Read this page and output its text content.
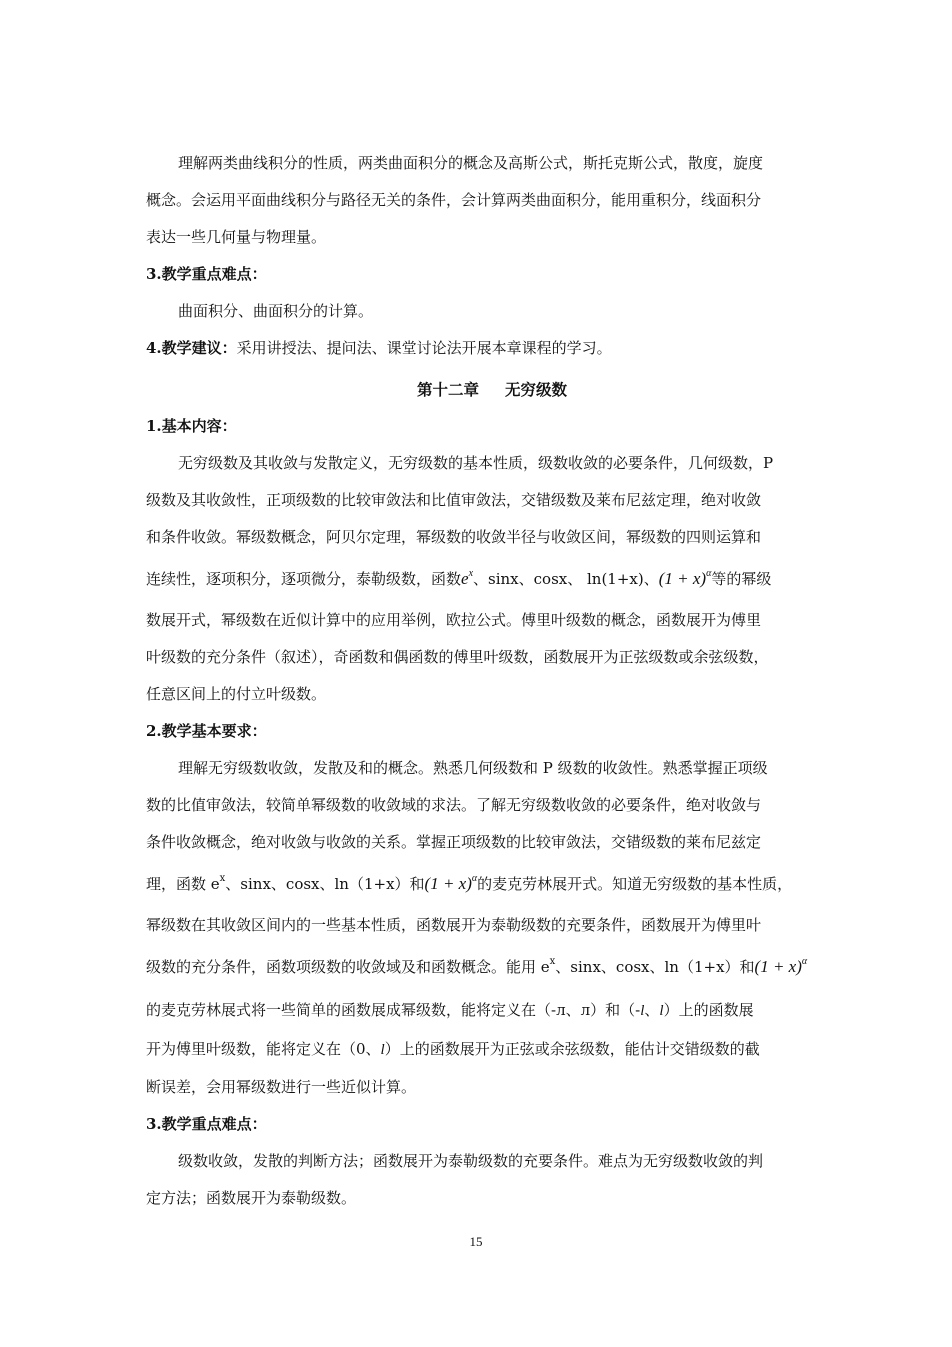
理解两类曲线积分的性质，两类曲面积分的概念及高斯公式，斯托克斯公式，散度，旋度

概念。会运用平面曲线积分与路径无关的条件，会计算两类曲面积分，能用重积分，线面积分

表达一些几何量与物理量。

3.教学重点难点：

曲面积分、曲面积分的计算。

4.教学建议：采用讲授法、提问法、课堂讨论法开展本章课程的学习。

第十二章 无穷级数

1.基本内容：

无穷级数及其收敛与发散定义，无穷级数的基本性质，级数收敛的必要条件，几何级数，P

级数及其收敛性，正项级数的比较审敛法和比值审敛法，交错级数及莱布尼兹定理，绝对收敛

和条件收敛。幂级数概念，阿贝尔定理，幂级数的收敛半径与收敛区间，幂级数的四则运算和

连续性，逐项积分，逐项微分，泰勒级数，函数$e^x$、sinx、cosx、 ln(1+x)、$(1 + x)^\alpha$等的幂级

数展开式，幂级数在近似计算中的应用举例，欧拉公式。傅里叶级数的概念，函数展开为傅里

叶级数的充分条件（叙述），奇函数和偶函数的傅里叶级数，函数展开为正弦级数或余弦级数，

任意区间上的付立叶级数。

2.教学基本要求：

理解无穷级数收敛，发散及和的概念。熟悉几何级数和 P 级数的收敛性。熟悉掌握正项级

数的比值审敛法，较简单幂级数的收敛域的求法。了解无穷级数收敛的必要条件，绝对收敛与

条件收敛概念，绝对收敛与收敛的关系。掌握正项级数的比较审敛法，交错级数的莱布尼兹定

理，函数 $e^x$、sinx、cosx、ln（1+x）和$(1 + x)^\alpha$的麦克劳林展开式。知道无穷级数的基本性质，

幂级数在其收敛区间内的一些基本性质，函数展开为泰勒级数的充要条件，函数展开为傅里叶

级数的充分条件，函数项级数的收敛域及和函数概念。能用 $e^x$、sinx、cosx、ln（1+x）和$(1 + x)^\alpha$

的麦克劳林展式将一些简单的函数展成幂级数，能将定义在（-л、л）和（-l、l）上的函数展

开为傅里叶级数，能将定义在（0、l）上的函数展开为正弦或余弦级数，能估计交错级数的截

断误差，会用幂级数进行一些近似计算。

3.教学重点难点：

级数收敛，发散的判断方法；函数展开为泰勒级数的充要条件。难点为无穷级数收敛的判

定方法；函数展开为泰勒级数。

15
